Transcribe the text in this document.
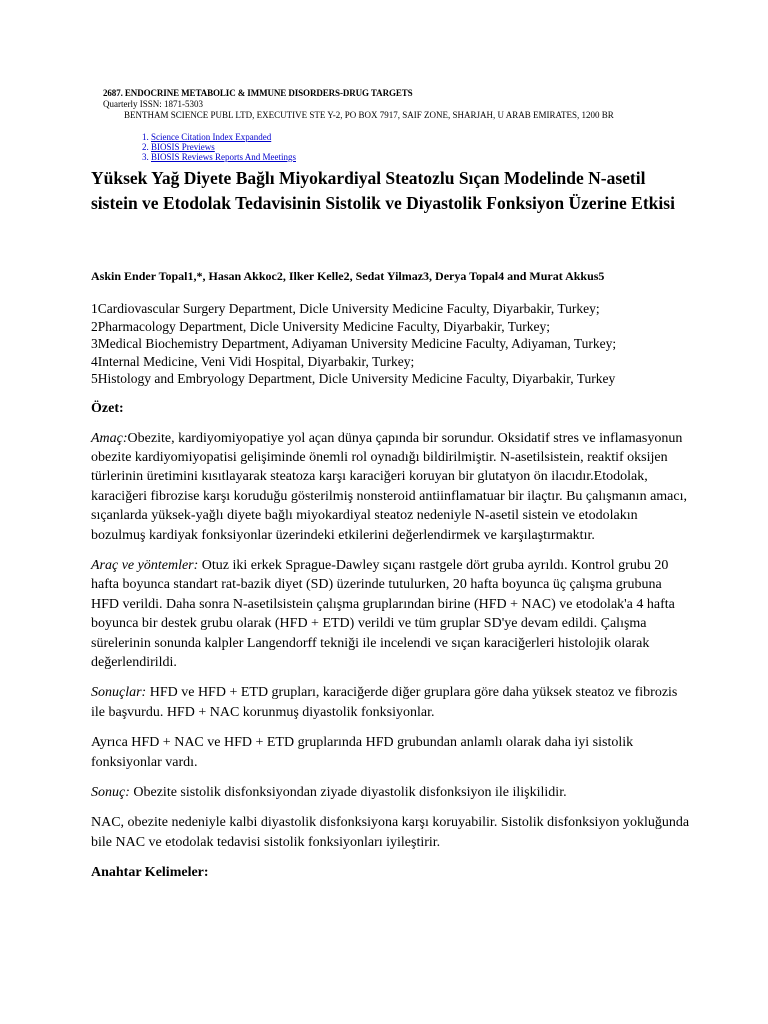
2687. ENDOCRINE METABOLIC & IMMUNE DISORDERS-DRUG TARGETS
Quarterly ISSN: 1871-5303
BENTHAM SCIENCE PUBL LTD, EXECUTIVE STE Y-2, PO BOX 7917, SAIF ZONE, SHARJAH, U ARAB EMIRATES, 1200 BR
1. Science Citation Index Expanded
2. BIOSIS Previews
3. BIOSIS Reviews Reports And Meetings
Yüksek Yağ Diyete Bağlı Miyokardiyal Steatozlu Sıçan Modelinde N-asetil sistein ve Etodolak Tedavisinin Sistolik ve Diyastolik Fonksiyon Üzerine Etkisi
Askin Ender Topal1,*, Hasan Akkoc2, Ilker Kelle2, Sedat Yilmaz3, Derya Topal4 and Murat Akkus5
1Cardiovascular Surgery Department, Dicle University Medicine Faculty, Diyarbakir, Turkey;
2Pharmacology Department, Dicle University Medicine Faculty, Diyarbakir, Turkey;
3Medical Biochemistry Department, Adiyaman University Medicine Faculty, Adiyaman, Turkey;
4Internal Medicine, Veni Vidi Hospital, Diyarbakir, Turkey;
5Histology and Embryology Department, Dicle University Medicine Faculty, Diyarbakir, Turkey
Özet:
Amaç:Obezite, kardiyomiyopatiye yol açan dünya çapında bir sorundur. Oksidatif stres ve inflamasyonun obezite kardiyomiyopatisi gelişiminde önemli rol oynadığı bildirilmiştir. N-asetilsistein, reaktif oksijen türlerinin üretimini kısıtlayarak steatoza karşı karaciğeri koruyan bir glutatyon ön ilacıdır.Etodolak, karaciğeri fibrozise karşı koruduğu gösterilmiş nonsteroid antiinflamatuar bir ilaçtır. Bu çalışmanın amacı, sıçanlarda yüksek-yağlı diyete bağlı miyokardiyal steatoz nedeniyle N-asetil sistein ve etodolakın bozulmuş kardiyak fonksiyonlar üzerindeki etkilerini değerlendirmek ve karşılaştırmaktır.
Araç ve yöntemler: Otuz iki erkek Sprague-Dawley sıçanı rastgele dört gruba ayrıldı. Kontrol grubu 20 hafta boyunca standart rat-bazik diyet (SD) üzerinde tutulurken, 20 hafta boyunca üç çalışma grubuna HFD verildi. Daha sonra N-asetilsistein çalışma gruplarından birine (HFD + NAC) ve etodolak'a 4 hafta boyunca bir destek grubu olarak (HFD + ETD) verildi ve tüm gruplar SD'ye devam edildi. Çalışma sürelerinin sonunda kalpler Langendorff tekniği ile incelendi ve sıçan karaciğerleri histolojik olarak değerlendirildi.
Sonuçlar: HFD ve HFD + ETD grupları, karaciğerde diğer gruplara göre daha yüksek steatoz ve fibrozis ile başvurdu. HFD + NAC korunmuş diyastolik fonksiyonlar.
Ayrıca HFD + NAC ve HFD + ETD gruplarında HFD grubundan anlamlı olarak daha iyi sistolik fonksiyonlar vardı.
Sonuç: Obezite sistolik disfonksiyondan ziyade diyastolik disfonksiyon ile ilişkilidir.
NAC, obezite nedeniyle kalbi diyastolik disfonksiyona karşı koruyabilir. Sistolik disfonksiyon yokluğunda bile NAC ve etodolak tedavisi sistolik fonksiyonları iyileştirir.
Anahtar Kelimeler:
